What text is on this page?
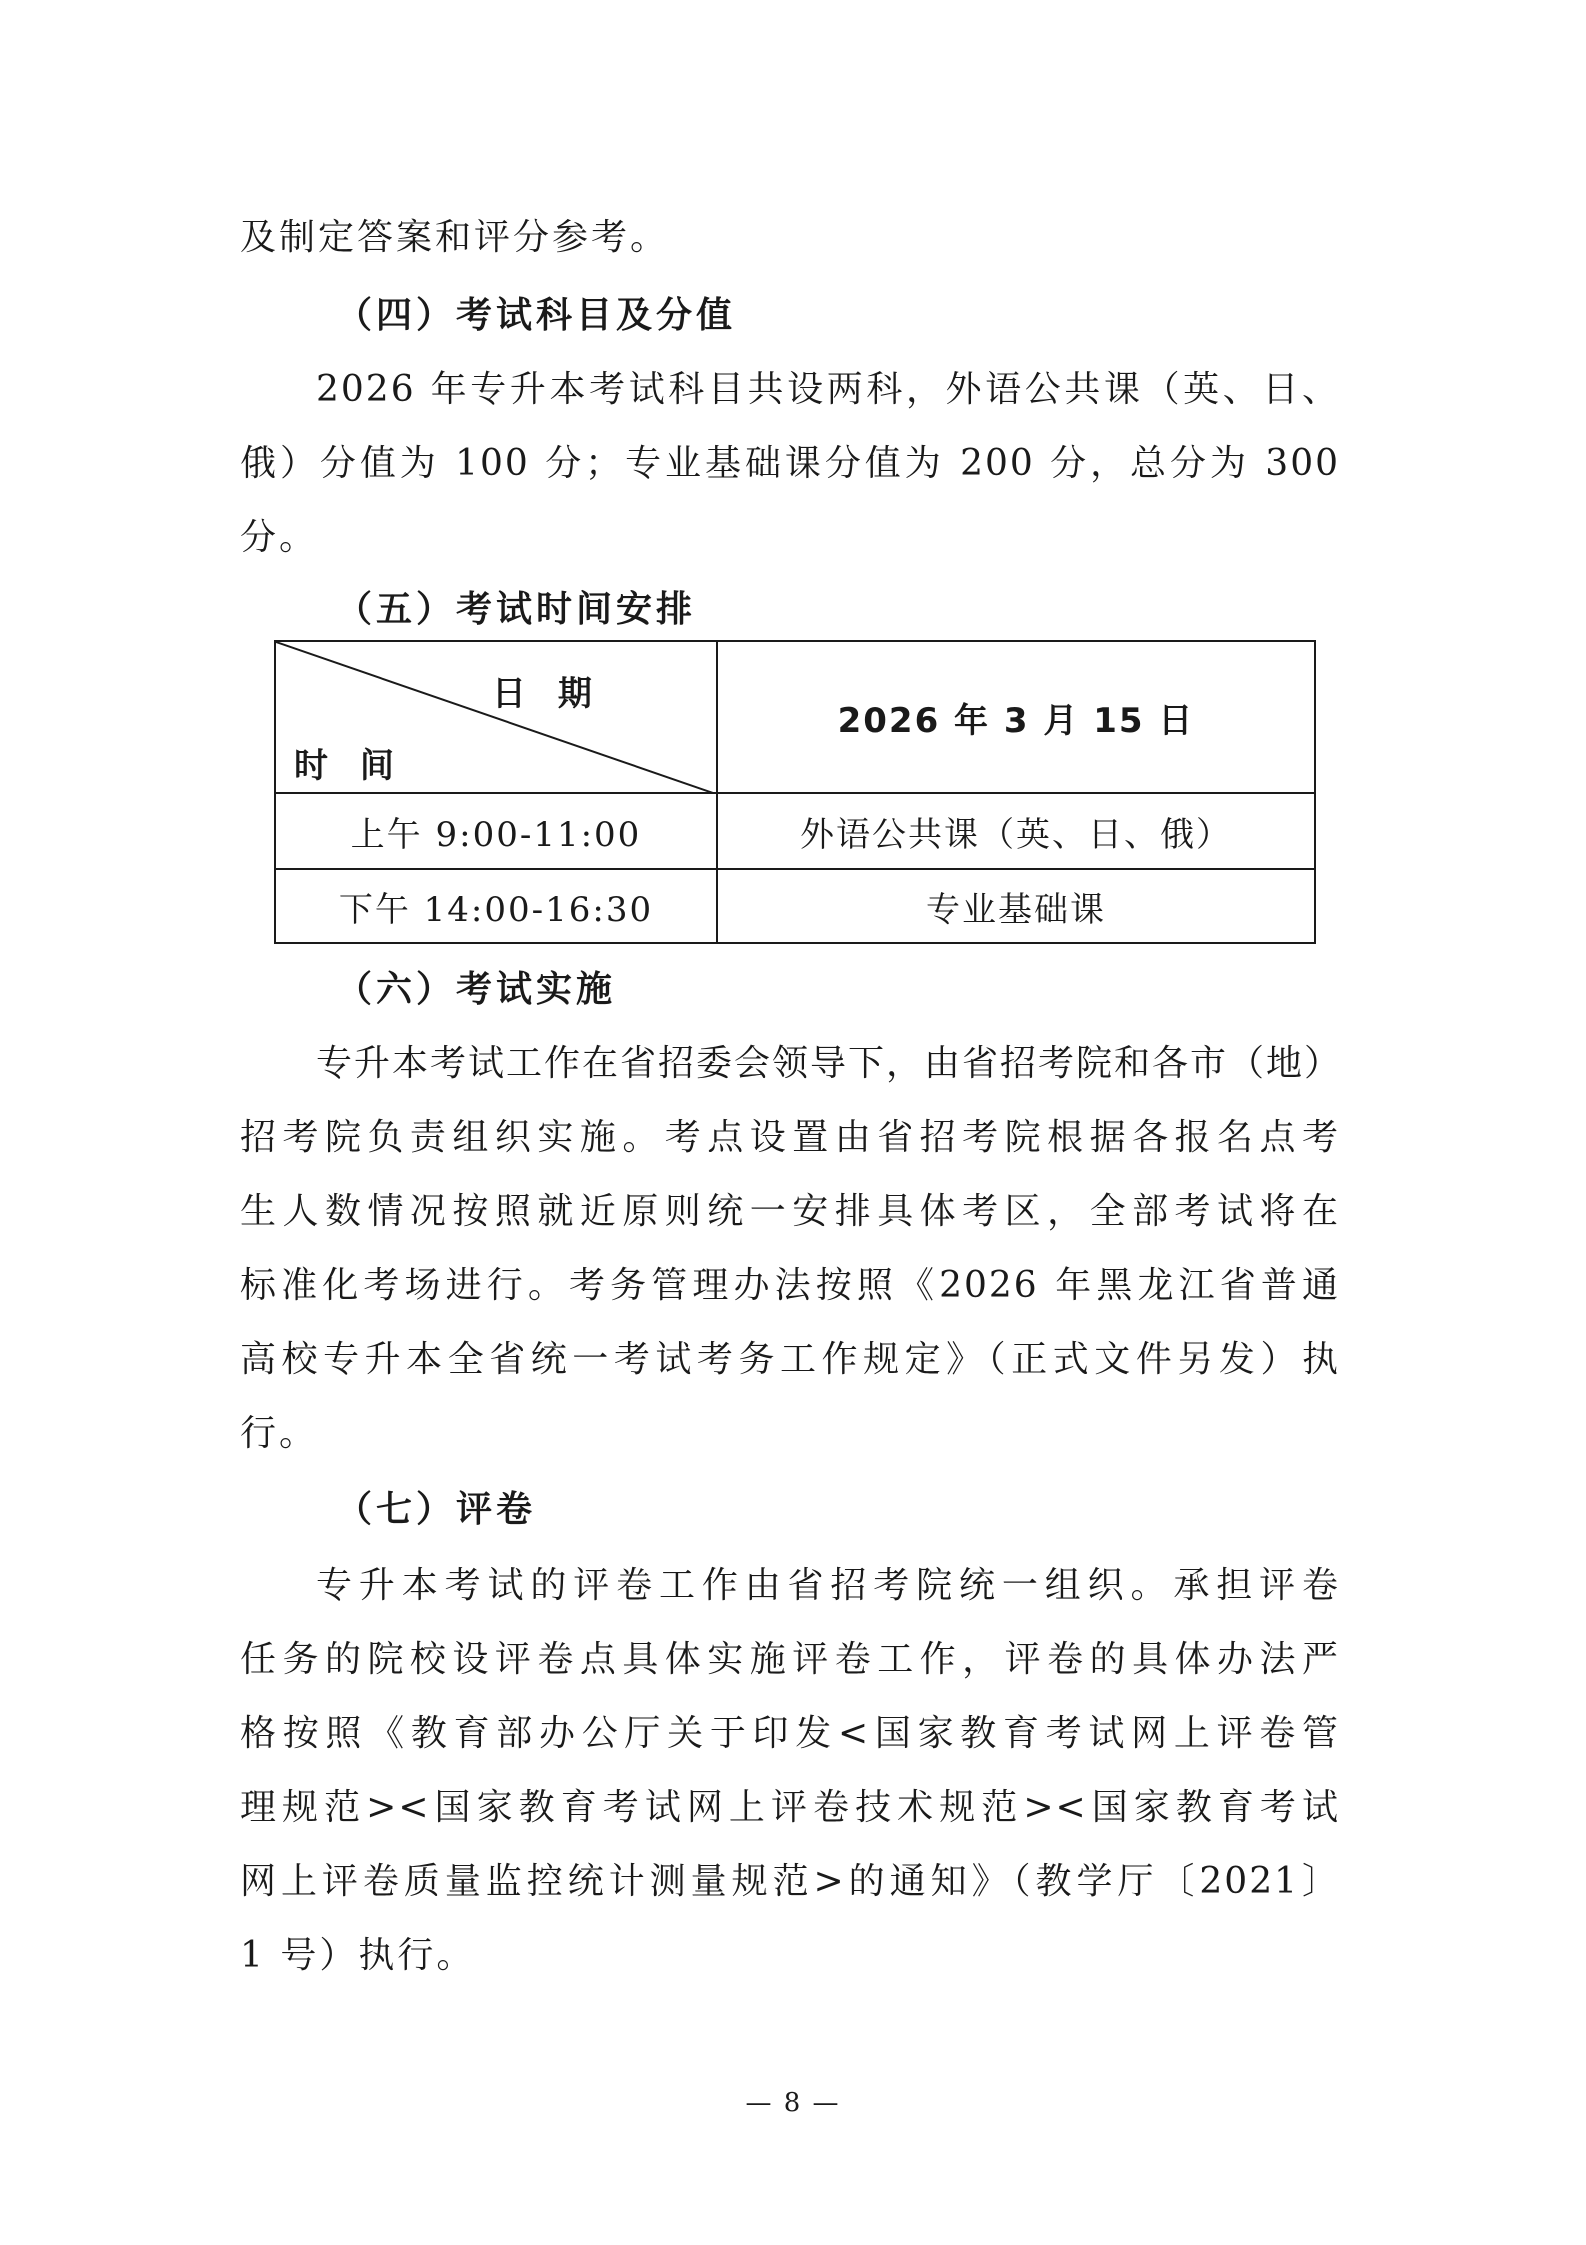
及制定答案和评分参考。
（四）考试科目及分值
2026 年专升本考试科目共设两科，外语公共课（英、日、
俄）分值为 100 分；专业基础课分值为 200 分，总分为 300
分。
（五）考试时间安排
日 期
时 间
2026 年 3 月 15 日
上午 9:00-11:00	外语公共课（英、日、俄）
下午 14:00-16:30	专业基础课
（六）考试实施
专升本考试工作在省招委会领导下，由省招考院和各市（地）
招考院负责组织实施。考点设置由省招考院根据各报名点考
生人数情况按照就近原则统一安排具体考区，全部考试将在
标准化考场进行。考务管理办法按照《2026 年黑龙江省普通
高校专升本全省统一考试考务工作规定》（正式文件另发）执
行。
（七）评卷
专升本考试的评卷工作由省招考院统一组织。承担评卷
任务的院校设评卷点具体实施评卷工作，评卷的具体办法严
格按照《教育部办公厅关于印发<国家教育考试网上评卷管
理规范><国家教育考试网上评卷技术规范><国家教育考试
网上评卷质量监控统计测量规范>的通知》（教学厅〔2021〕
1 号）执行。
— 8 —
